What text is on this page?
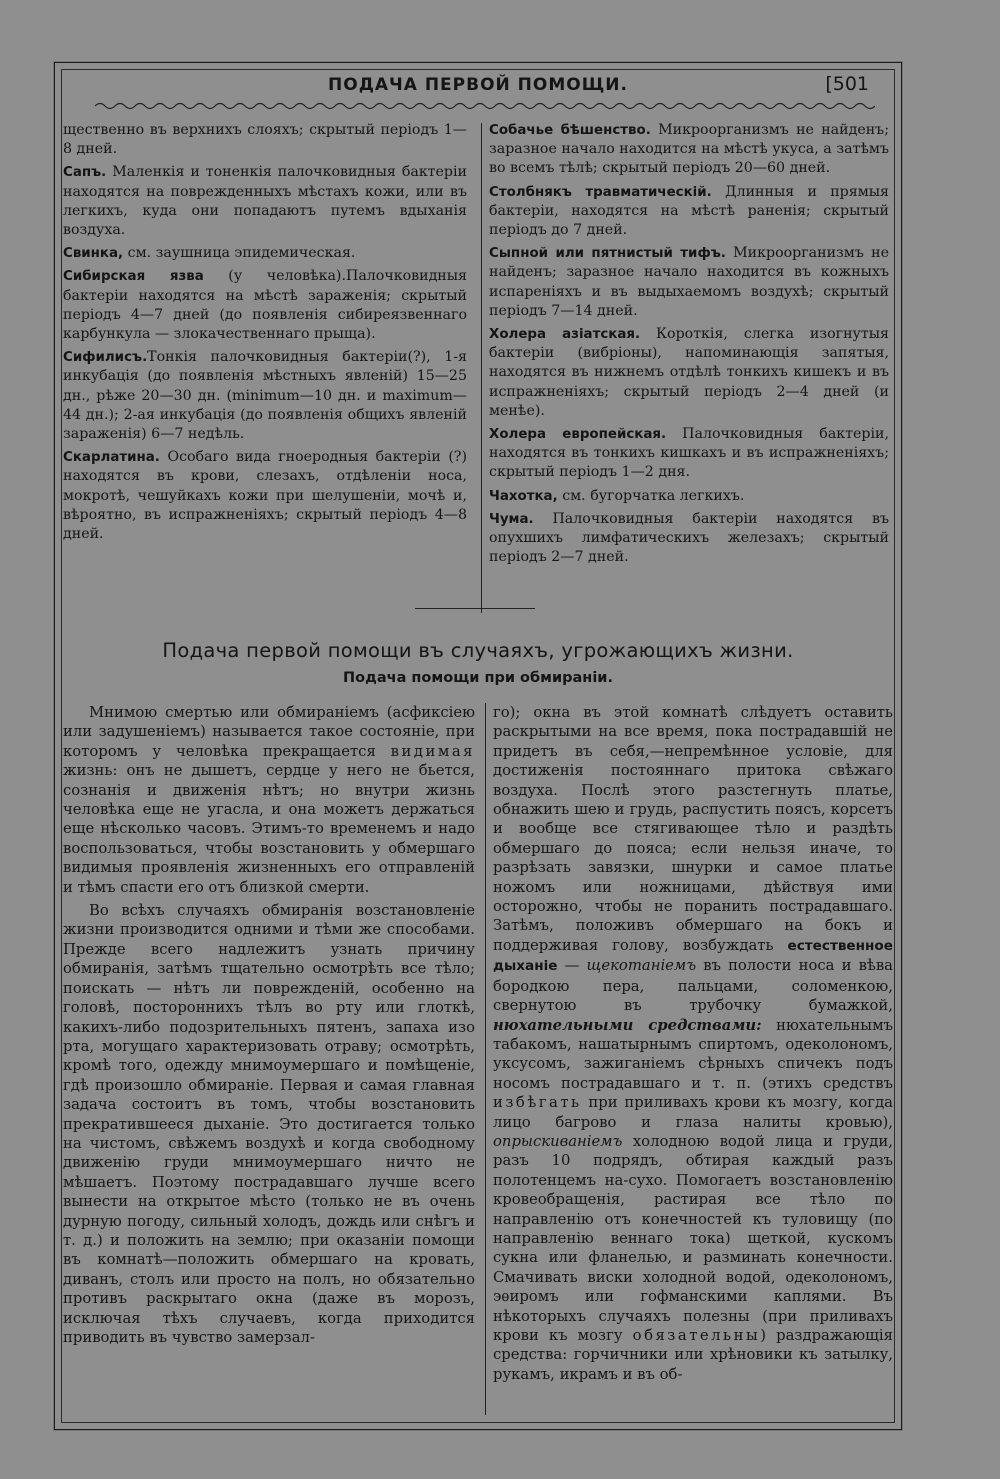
ПОДАЧА ПЕРВОЙ ПОМОЩИ.	[501

щественно въ верхнихъ слояхъ; скрытый періодъ 1—8 дней.

Сапъ. Маленкія и тоненкія палочковидныя бактеріи находятся на поврежденныхъ мѣстахъ кожи, или въ легкихъ, куда они попадаютъ путемъ вдыханія воздуха.

Свинка, см. заушница эпидемическая.

Сибирская язва (у человѣка).Палочковидныя бактеріи находятся на мѣстѣ зараженія; скрытый періодъ 4—7 дней (до появленія сибиреязвеннаго карбункула — злокачественнаго прыща).

Сифилисъ.Тонкія палочковидныя бактеріи(?), 1-я инкубація (до появленія мѣстныхъ явленій) 15—25 дн., рѣже 20—30 дн. (minimum—10 дн. и maximum—44 дн.); 2-ая инкубація (до появленія общихъ явленій зараженія) 6—7 недѣль.

Скарлатина. Особаго вида гноеродныя бактеріи (?) находятся въ крови, слезахъ, отдѣленіи носа, мокротѣ, чешуйкахъ кожи при шелушеніи, мочѣ и, вѣроятно, въ испражненіяхъ; скрытый періодъ 4—8 дней.

Собачье бѣшенство. Микроорганизмъ не найденъ; заразное начало находится на мѣстѣ укуса, а затѣмъ во всемъ тѣлѣ; скрытый періодъ 20—60 дней.

Столбнякъ травматическій. Длинныя и прямыя бактеріи, находятся на мѣстѣ раненія; скрытый періодъ до 7 дней.

Сыпной или пятнистый тифъ. Микроорганизмъ не найденъ; заразное начало находится въ кожныхъ испареніяхъ и въ выдыхаемомъ воздухѣ; скрытый періодъ 7—14 дней.

Холера азіатская. Короткія, слегка изогнутыя бактеріи (вибріоны), напоминающія запятыя, находятся въ нижнемъ отдѣлѣ тонкихъ кишекъ и въ испражненіяхъ; скрытый періодъ 2—4 дней (и менѣе).

Холера европейская. Палочковидныя бактеріи, находятся въ тонкихъ кишкахъ и въ испражненіяхъ; скрытый періодъ 1—2 дня.

Чахотка, см. бугорчатка легкихъ.

Чума. Палочковидныя бактеріи находятся въ опухшихъ лимфатическихъ железахъ; скрытый періодъ 2—7 дней.

Подача первой помощи въ случаяхъ, угрожающихъ жизни.
Подача помощи при обмираніи.

Мнимою смертью или обмираніемъ (асфиксіею или задушеніемъ) называется такое состояніе, при которомъ у человѣка прекращается видимая жизнь: онъ не дышетъ, сердце у него не бьется, сознанія и движенія нѣтъ; но внутри жизнь человѣка еще не угасла, и она можетъ держаться еще нѣсколько часовъ. Этимъ-то временемъ и надо воспользоваться, чтобы возстановить у обмершаго видимыя проявленія жизненныхъ его отправленій и тѣмъ спасти его отъ близкой смерти.

Во всѣхъ случаяхъ обмиранія возстановленіе жизни производится одними и тѣми же способами. Прежде всего надлежитъ узнать причину обмиранія, затѣмъ тщательно осмотрѣть все тѣло; поискать — нѣтъ ли поврежденій, особенно на головѣ, постороннихъ тѣлъ во рту или глоткѣ, какихъ-либо подозрительныхъ пятенъ, запаха изо рта, могущаго характеризовать отраву; осмотрѣть, кромѣ того, одежду мнимоумершаго и помѣщеніе, гдѣ произошло обмираніе. Первая и самая главная задача состоитъ въ томъ, чтобы возстановить прекратившееся дыханіе. Это достигается только на чистомъ, свѣжемъ воздухѣ и когда свободному движенію груди мнимоумершаго ничто не мѣшаетъ. Поэтому пострадавшаго лучше всего вынести на открытое мѣсто (только не въ очень дурную погоду, сильный холодъ, дождь или снѣгъ и т. д.) и положить на землю; при оказаніи помощи въ комнатѣ—положить обмершаго на кровать, диванъ, столъ или просто на полъ, но обязательно противъ раскрытаго окна (даже въ морозъ, исключая тѣхъ случаевъ, когда приходится приводить въ чувство замерзал-

го); окна въ этой комнатѣ слѣдуетъ оставить раскрытыми на все время, пока пострадавшій не придетъ въ себя,—непремѣнное условіе, для достиженія постояннаго притока свѣжаго воздуха. Послѣ этого разстегнуть платье, обнажить шею и грудь, распустить поясъ, корсетъ и вообще все стягивающее тѣло и раздѣть обмершаго до пояса; если нельзя иначе, то разрѣзать завязки, шнурки и самое платье ножомъ или ножницами, дѣйствуя ими осторожно, чтобы не поранить пострадавшаго. Затѣмъ, положивъ обмершаго на бокъ и поддерживая голову, возбуждать естественное дыханіе — щекотаніемъ въ полости носа и вѣва бородкою пера, пальцами, соломенкою, свернутою въ трубочку бумажкой, нюхательными средствами: нюхательнымъ табакомъ, нашатырнымъ спиртомъ, одеколономъ, уксусомъ, зажиганіемъ сѣрныхъ спичекъ подъ носомъ пострадавшаго и т. п. (этихъ средствъ избѣгать при приливахъ крови къ мозгу, когда лицо багрово и глаза налиты кровью), опрыскиваніемъ холодною водой лица и груди, разъ 10 подрядъ, обтирая каждый разъ полотенцемъ на-сухо. Помогаетъ возстановленію кровеобращенія, растирая все тѣло по направленію отъ конечностей къ туловищу (по направленію веннаго тока) щеткой, кускомъ сукна или фланелью, и разминать конечности. Смачивать виски холодной водой, одеколономъ, эѳиромъ или гофманскими каплями. Въ нѣкоторыхъ случаяхъ полезны (при приливахъ крови къ мозгу обязательны) раздражающія средства: горчичники или хрѣновики къ затылку, рукамъ, икрамъ и въ об-
